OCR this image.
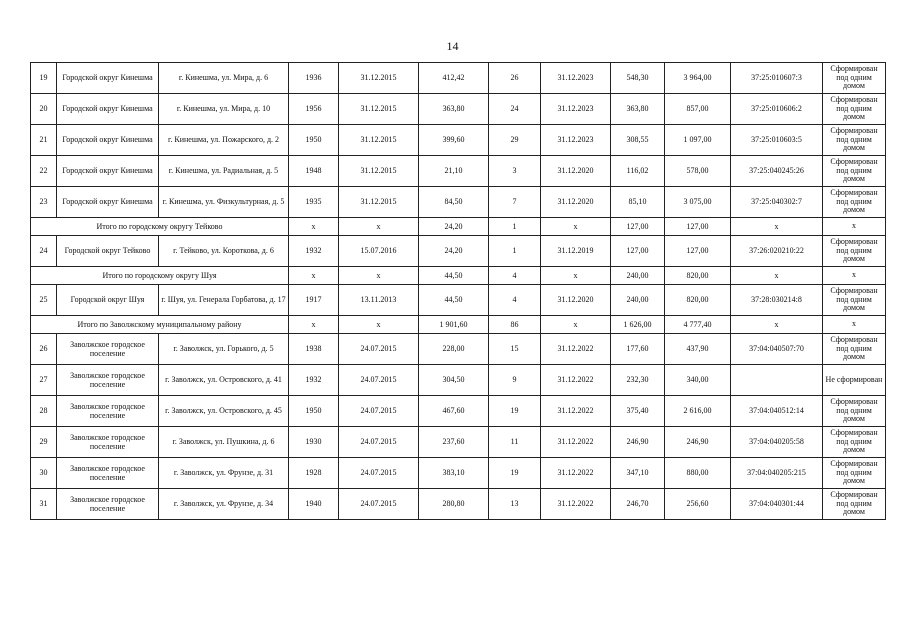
14
19	Городской округ Кинешма	г. Кинешма, ул. Мира, д. 6	1936	31.12.2015	412,42	26	31.12.2023	548,30	3 964,00	37:25:010607:3	Сформирован под одним домом
20	Городской округ Кинешма	г. Кинешма, ул. Мира, д. 10	1956	31.12.2015	363,80	24	31.12.2023	363,80	857,00	37:25:010606:2	Сформирован под одним домом
21	Городской округ Кинешма	г. Кинешма, ул. Пожарского, д. 2	1950	31.12.2015	399,60	29	31.12.2023	308,55	1 097,00	37:25:010603:5	Сформирован под одним домом
22	Городской округ Кинешма	г. Кинешма, ул. Радиальная, д. 5	1948	31.12.2015	21,10	3	31.12.2020	116,02	578,00	37:25:040245:26	Сформирован под одним домом
23	Городской округ Кинешма	г. Кинешма, ул. Физкультурная, д. 5	1935	31.12.2015	84,50	7	31.12.2020	85,10	3 075,00	37:25:040302:7	Сформирован под одним домом
Итого по городскому округу Тейково			x	x	24,20	1	x	127,00	127,00	x	x
24	Городской округ Тейково	г. Тейково, ул. Короткова, д. 6	1932	15.07.2016	24,20	1	31.12.2019	127,00	127,00	37:26:020210:22	Сформирован под одним домом
Итого по городскому округу Шуя			x	x	44,50	4	x	240,00	820,00	x	x
25	Городской округ Шуя	г. Шуя, ул. Генерала Горбатова, д. 17	1917	13.11.2013	44,50	4	31.12.2020	240,00	820,00	37:28:030214:8	Сформирован под одним домом
Итого по Заволжскому муниципальному району			x	x	1 901,60	86	x	1 626,00	4 777,40	x	x
26	Заволжское городское поселение	г. Заволжск, ул. Горького, д. 5	1938	24.07.2015	228,00	15	31.12.2022	177,60	437,90	37:04:040507:70	Сформирован под одним домом
27	Заволжское городское поселение	г. Заволжск, ул. Островского, д. 41	1932	24.07.2015	304,50	9	31.12.2022	232,30	340,00		Не сформирован
28	Заволжское городское поселение	г. Заволжск, ул. Островского, д. 45	1950	24.07.2015	467,60	19	31.12.2022	375,40	2 616,00	37:04:040512:14	Сформирован под одним домом
29	Заволжское городское поселение	г. Заволжск, ул. Пушкина, д. 6	1930	24.07.2015	237,60	11	31.12.2022	246,90	246,90	37:04:040205:58	Сформирован под одним домом
30	Заволжское городское поселение	г. Заволжск, ул. Фрунзе, д. 31	1928	24.07.2015	383,10	19	31.12.2022	347,10	880,00	37:04:040205:215	Сформирован под одним домом
31	Заволжское городское поселение	г. Заволжск, ул. Фрунзе, д. 34	1940	24.07.2015	280,80	13	31.12.2022	246,70	256,60	37:04:040301:44	Сформирован под одним домом
